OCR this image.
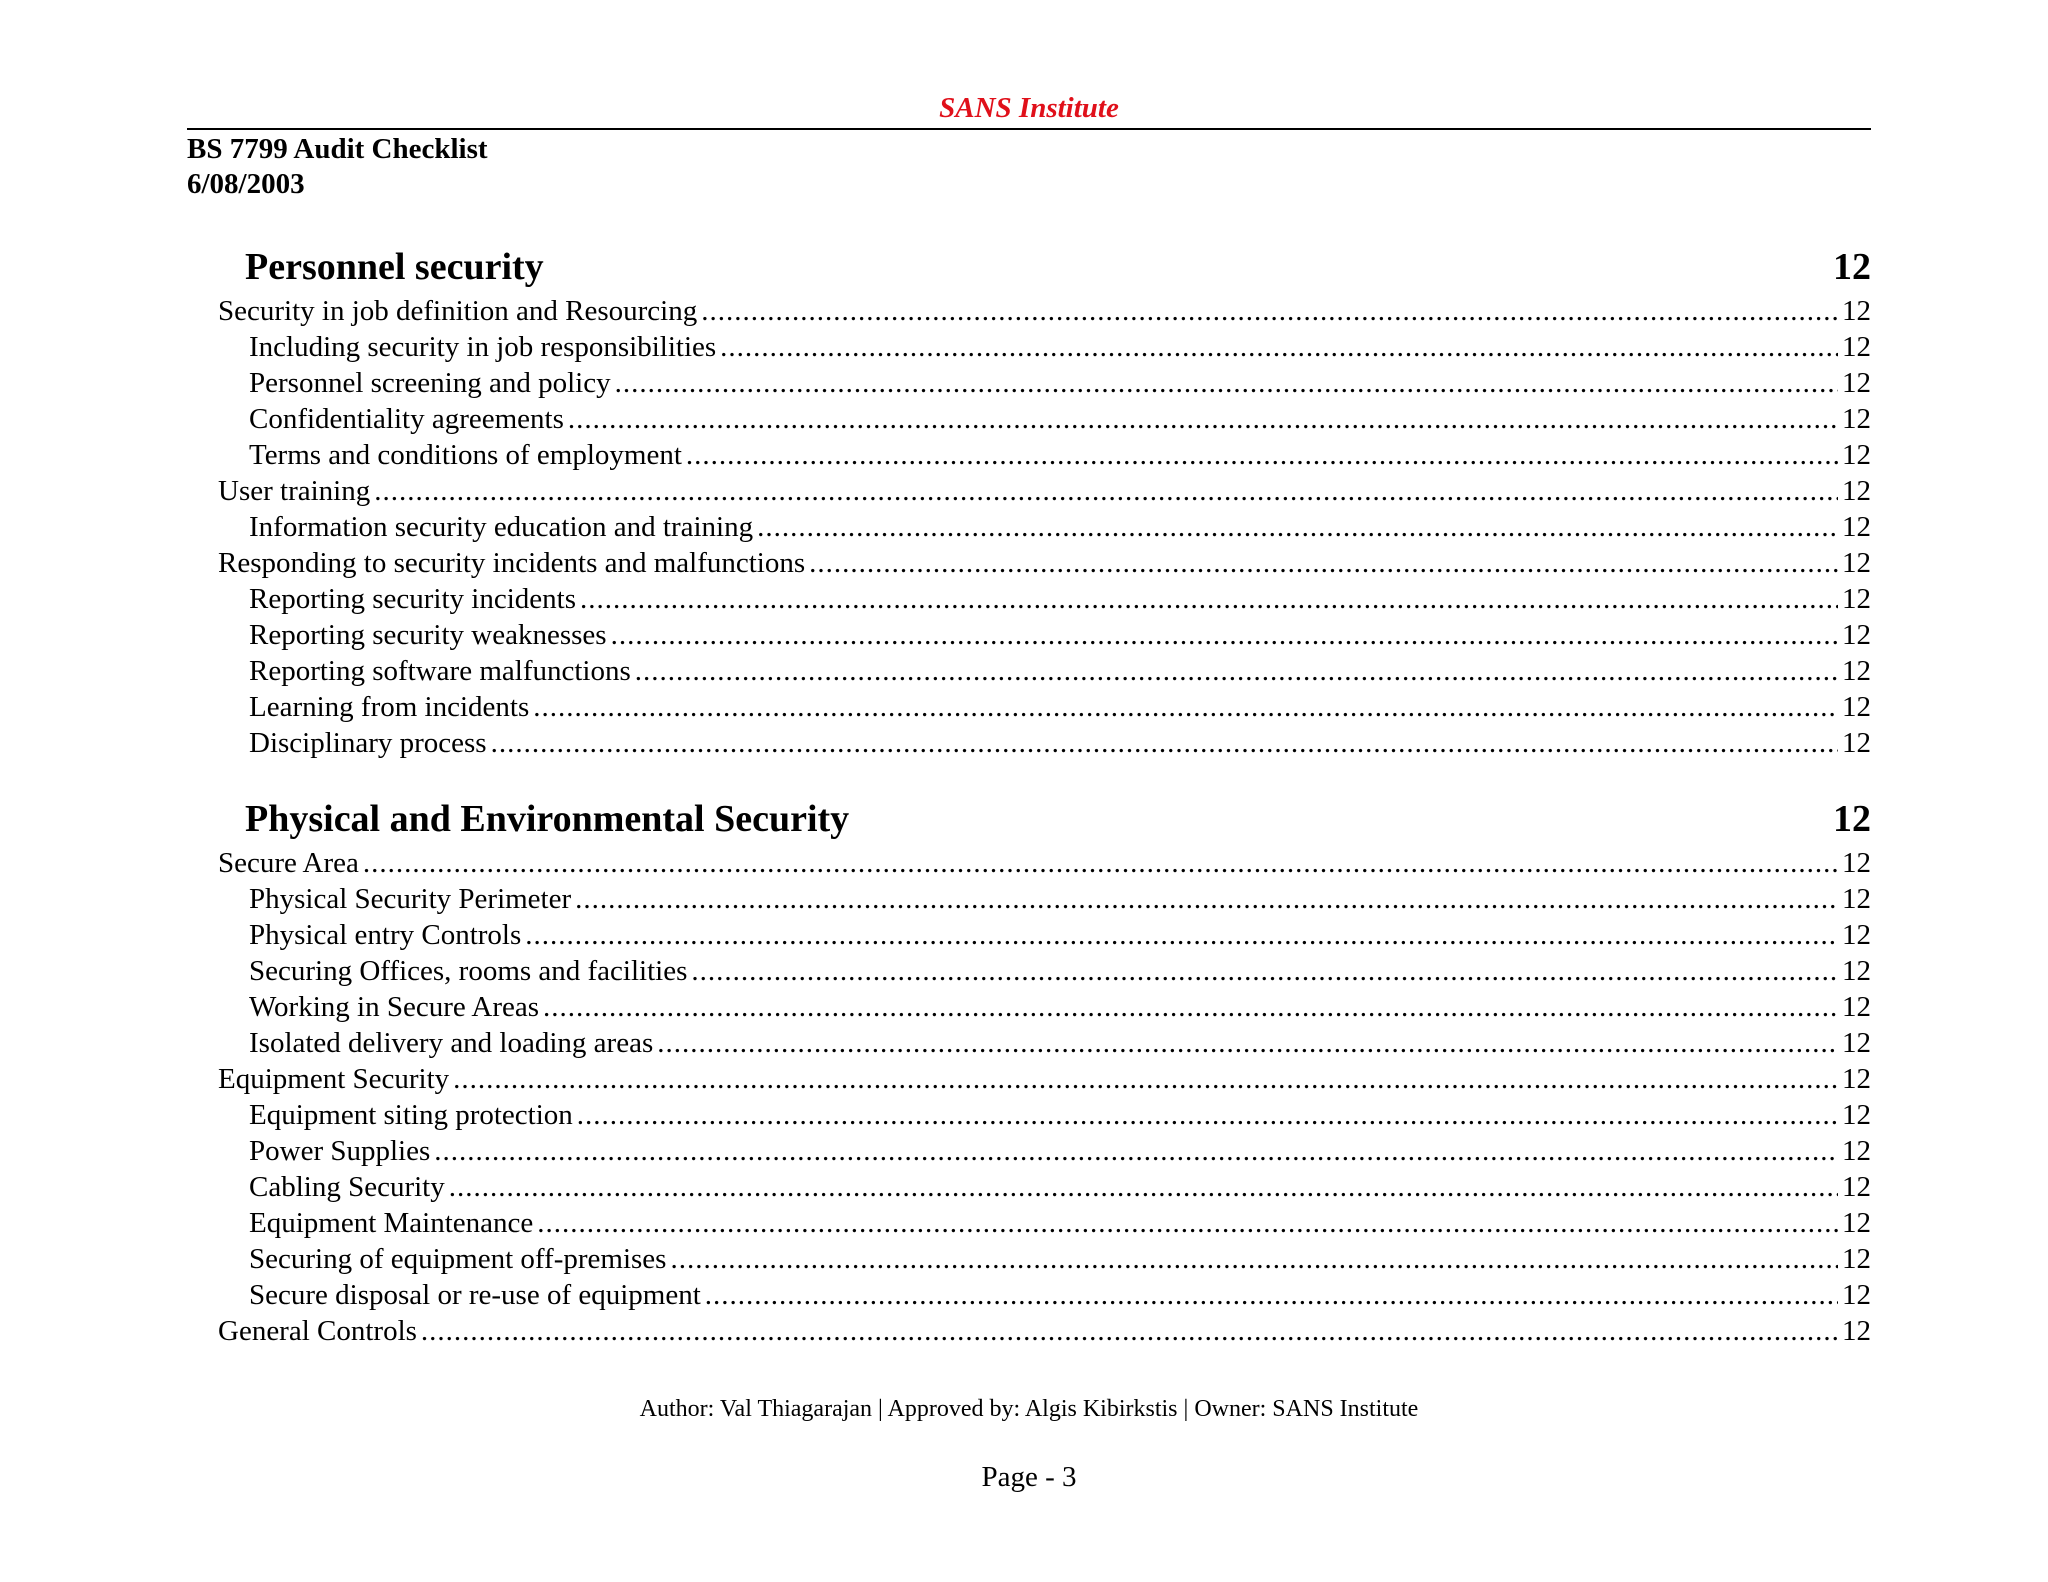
SANS Institute
BS 7799 Audit Checklist
6/08/2003
Author: Val Thiagarajan | Approved by: Algis Kibirkstis | Owner: SANS Institute
Page - 3
Personnel security	12
Security in job definition and Resourcing .....	12
Including security in job responsibilities .....	12
Personnel screening and policy .....	12
Confidentiality agreements .....	12
Terms and conditions of employment .....	12
User training .....	12
Information security education and training .....	12
Responding to security incidents and malfunctions .....	12
Reporting security incidents .....	12
Reporting security weaknesses .....	12
Reporting software malfunctions .....	12
Learning from incidents .....	12
Disciplinary process .....	12
Physical and Environmental Security	12
Secure Area .....	12
Physical Security Perimeter .....	12
Physical entry Controls .....	12
Securing Offices, rooms and facilities .....	12
Working in Secure Areas .....	12
Isolated delivery and loading areas .....	12
Equipment Security .....	12
Equipment siting protection .....	12
Power Supplies .....	12
Cabling Security .....	12
Equipment Maintenance .....	12
Securing of equipment off-premises .....	12
Secure disposal or re-use of equipment .....	12
General Controls .....	12
